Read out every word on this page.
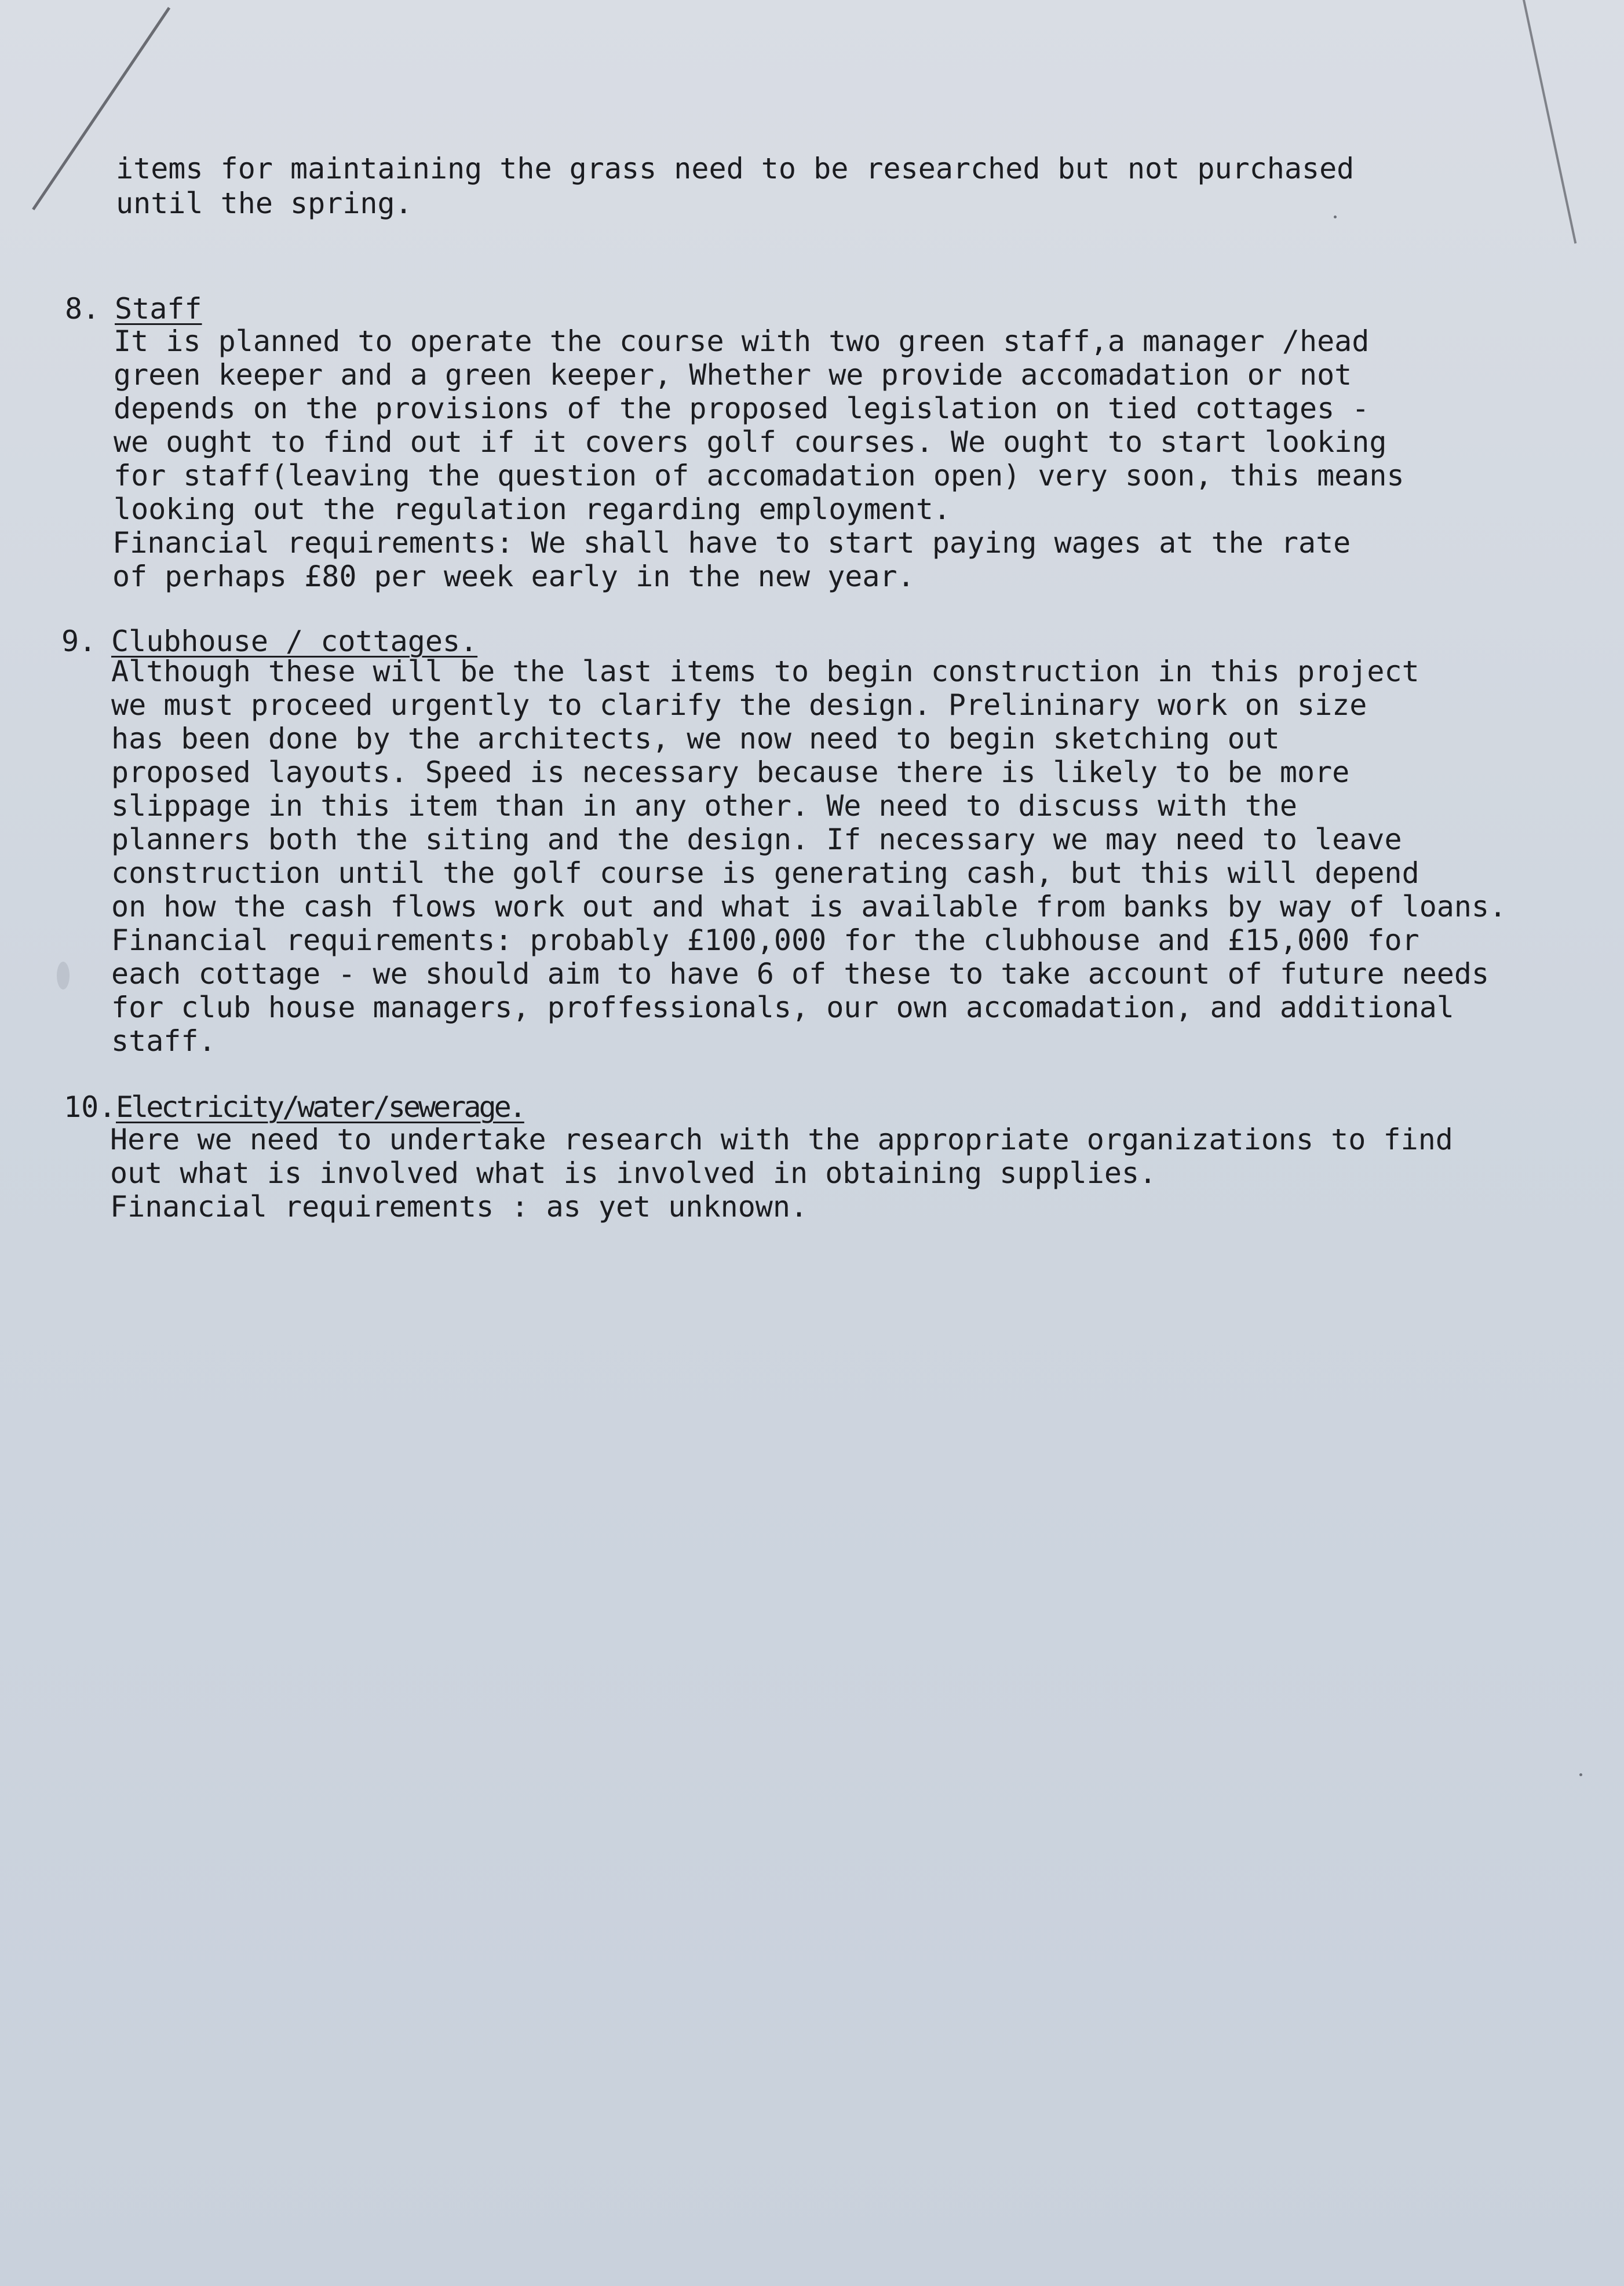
items for maintaining the grass need to be researched but not purchased

until the spring.

8.

Staff

It is planned to operate the course with two green staff,a manager /head

green keeper and a green keeper, Whether we provide accomadation or not

depends on the provisions of the proposed legislation on tied cottages -

we ought to find out if it covers golf courses. We ought to start looking

for staff(leaving the question of accomadation open) very soon, this means

looking out the regulation regarding employment.

Financial requirements: We shall have to start paying wages at the rate

of perhaps £80 per week early in the new year.

9.

Clubhouse / cottages.

Although these will be the last items to begin construction in this project

we must proceed urgently to clarify the design. Prelininary work on size

has been done by the architects, we now need to begin sketching out

proposed layouts. Speed is necessary because there is likely to be more

slippage in this item than in any other. We need to discuss with the

planners both the siting and the design. If necessary we may need to leave

construction until the golf course is generating cash, but this will depend

on how the cash flows work out and what is available from banks by way of loans.

Financial requirements: probably £100,000 for the clubhouse and £15,000 for

each cottage - we should aim to have 6 of these to take account of future needs

for club house managers, proffessionals, our own accomadation, and additional

staff.

10.

Electricity/water/sewerage.

Here we need to undertake research with the appropriate organizations to find

out what is involved what is involved in obtaining supplies.

Financial requirements : as yet unknown.
